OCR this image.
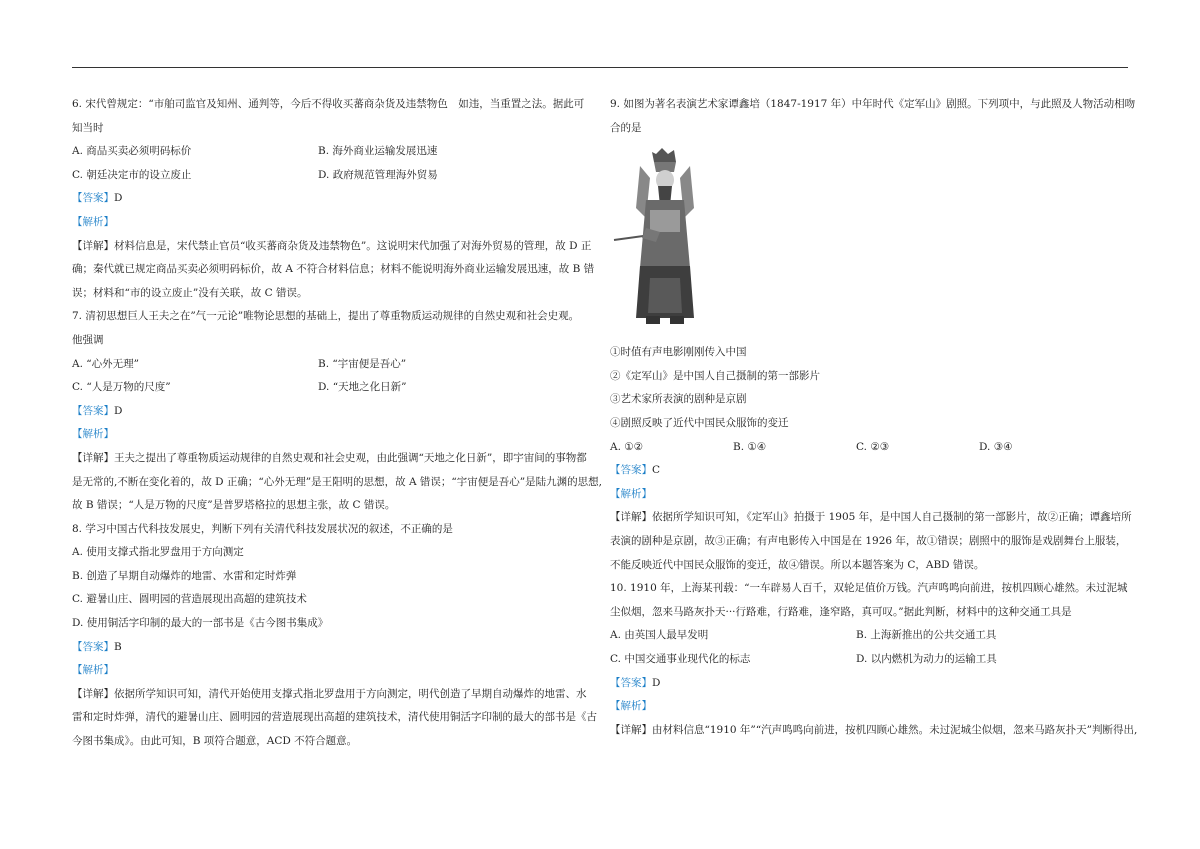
6. 宋代曾规定：“市舶司监官及知州、通判等，今后不得收买蕃商杂货及违禁物色　如违，当重置之法。据此可
知当时
A. 商品买卖必须明码标价	B. 海外商业运输发展迅速
C. 朝廷决定市的设立废止	D. 政府规范管理海外贸易
【答案】D
【解析】
【详解】材料信息是，宋代禁止官员“收买蕃商杂货及违禁物色”。这说明宋代加强了对海外贸易的管理，故 D 正
确；秦代就已规定商品买卖必须明码标价，故 A 不符合材料信息；材料不能说明海外商业运输发展迅速，故 B 错
误；材料和“市的设立废止”没有关联，故 C 错误。
7. 清初思想巨人王夫之在”气一元论”唯物论思想的基础上，提出了尊重物质运动规律的自然史观和社会史观。
他强调
A. “心外无理”	B. “宇宙便是吾心”
C. “人是万物的尺度”	D. “天地之化日新”
【答案】D
【解析】
【详解】王夫之提出了尊重物质运动规律的自然史观和社会史观，由此强调“天地之化日新”，即宇宙间的事物都
是无常的,不断在变化着的，故 D 正确；“心外无理”是王阳明的思想，故 A 错误；“宇宙便是吾心”是陆九渊的思想,
故 B 错误；“人是万物的尺度”是普罗塔格拉的思想主张，故 C 错误。
8. 学习中国古代科技发展史，判断下列有关清代科技发展状况的叙述，不正确的是
A. 使用支撑式指北罗盘用于方向测定
B. 创造了早期自动爆炸的地雷、水雷和定时炸弹
C. 避暑山庄、圆明园的营造展现出高超的建筑技术
D. 使用铜活字印制的最大的一部书是《古今图书集成》
【答案】B
【解析】
【详解】依据所学知识可知，清代开始使用支撑式指北罗盘用于方向测定，明代创造了早期自动爆炸的地雷、水
雷和定时炸弹，清代的避暑山庄、圆明园的营造展现出高超的建筑技术，清代使用铜活字印制的最大的部书是《古
今图书集成》。由此可知，B 项符合题意，ACD 不符合题意。
9. 如图为著名表演艺术家谭鑫培（1847-1917 年）中年时代《定军山》剧照。下列项中，与此照及人物活动相吻
合的是
①时值有声电影刚刚传入中国
②《定军山》是中国人自己摄制的第一部影片
③艺术家所表演的剧种是京剧
④剧照反映了近代中国民众服饰的变迁
A. ①②	B. ①④	C. ②③	D. ③④
【答案】C
【解析】
【详解】依据所学知识可知，《定军山》拍摄于 1905 年，是中国人自己摄制的第一部影片，故②正确；谭鑫培所
表演的剧种是京剧，故③正确；有声电影传入中国是在 1926 年，故①错误；剧照中的服饰是戏剧舞台上服装，
不能反映近代中国民众服饰的变迁，故④错误。所以本题答案为 C，ABD 错误。
10. 1910 年，上海某刊载：“一车辟易人百千，双轮足值价万钱。汽声鸣鸣向前进，按机四顾心雄然。未过泥城
尘似烟，忽来马路灰扑天···行路难，行路难，逢窄路，真可叹。”据此判断，材料中的这种交通工具是
A. 由英国人最早发明	B. 上海新推出的公共交通工具
C. 中国交通事业现代化的标志	D. 以内燃机为动力的运输工具
【答案】D
【解析】
【详解】由材料信息“1910 年”“汽声鸣鸣向前进，按机四顾心雄然。未过泥城尘似烟，忽来马路灰扑天”判断得出,
